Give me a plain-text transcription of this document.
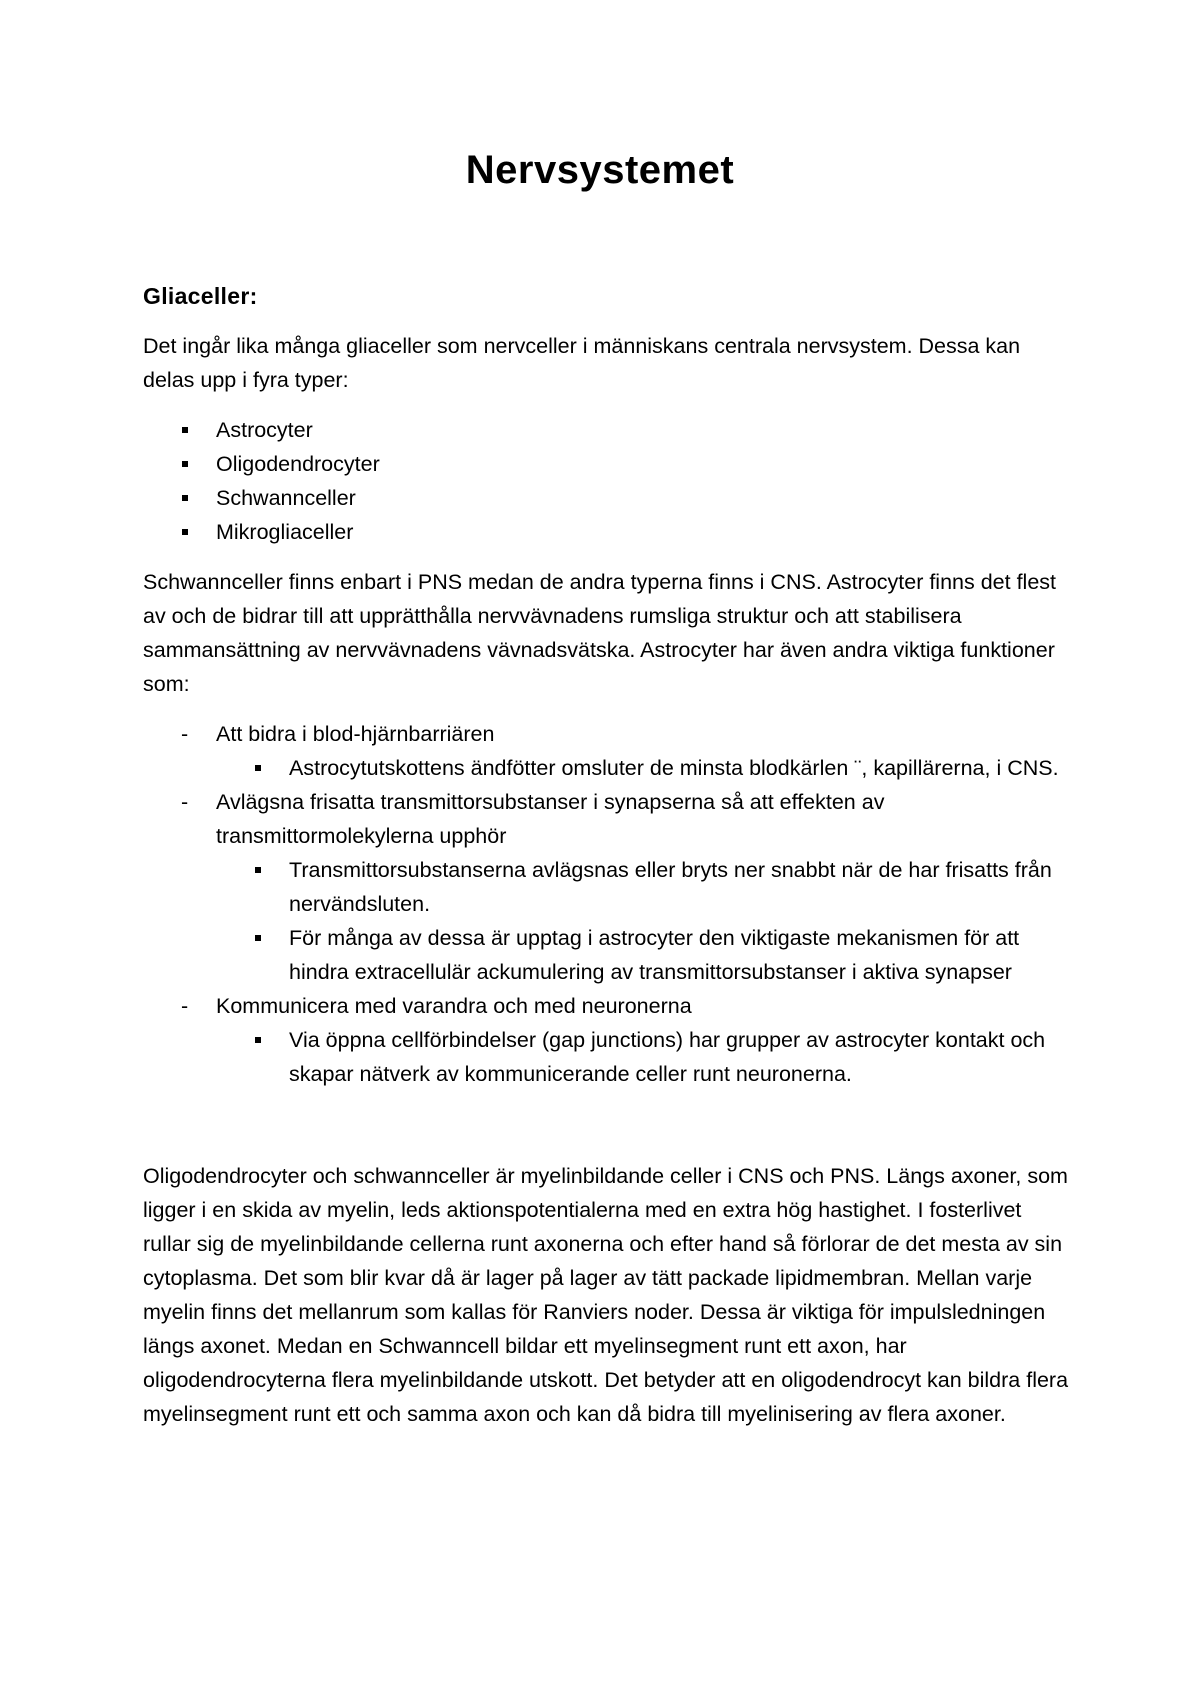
Nervsystemet
Gliaceller:

Det ingår lika många gliaceller som nervceller i människans centrala nervsystem. Dessa kan delas upp i fyra typer:

Astrocyter
Oligodendrocyter
Schwannceller
Mikrogliaceller

Schwannceller finns enbart i PNS medan de andra typerna finns i CNS. Astrocyter finns det flest av och de bidrar till att upprätthålla nervvävnadens rumsliga struktur och att stabilisera sammansättning av nervvävnadens vävnadsvätska. Astrocyter har även andra viktiga funktioner som:

- Att bidra i blod-hjärnbarriären
Astrocytutskottens ändfötter omsluter de minsta blodkärlen ¨, kapillärerna, i CNS.
- Avlägsna frisatta transmittorsubstanser i synapserna så att effekten av transmittormolekylerna upphör
Transmittorsubstanserna avlägsnas eller bryts ner snabbt när de har frisatts från nervändsluten.
För många av dessa är upptag i astrocyter den viktigaste mekanismen för att hindra extracellulär ackumulering av transmittorsubstanser i aktiva synapser
- Kommunicera med varandra och med neuronerna
Via öppna cellförbindelser (gap junctions) har grupper av astrocyter kontakt och skapar nätverk av kommunicerande celler runt neuronerna.

Oligodendrocyter och schwannceller är myelinbildande celler i CNS och PNS. Längs axoner, som ligger i en skida av myelin, leds aktionspotentialerna med en extra hög hastighet. I fosterlivet rullar sig de myelinbildande cellerna runt axonerna och efter hand så förlorar de det mesta av sin cytoplasma. Det som blir kvar då är lager på lager av tätt packade lipidmembran. Mellan varje myelin finns det mellanrum som kallas för Ranviers noder. Dessa är viktiga för impulsledningen längs axonet. Medan en Schwanncell bildar ett myelinsegment runt ett axon, har oligodendrocyterna flera myelinbildande utskott. Det betyder att en oligodendrocyt kan bildra flera myelinsegment runt ett och samma axon och kan då bidra till myelinisering av flera axoner.
